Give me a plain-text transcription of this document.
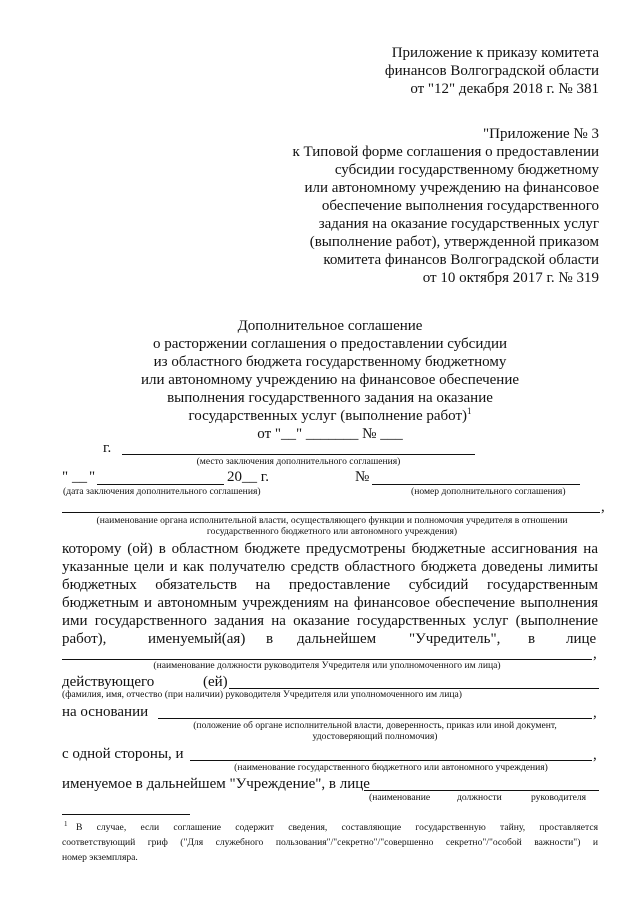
Приложение к приказу комитета
финансов Волгоградской области
от "12" декабря 2018 г. № 381
"Приложение № 3
к Типовой форме соглашения о предоставлении
субсидии государственному бюджетному
или автономному учреждению на финансовое
обеспечение выполнения государственного
задания на оказание государственных услуг
(выполнение работ), утвержденной приказом
комитета финансов Волгоградской области
от 10 октября 2017 г. № 319
Дополнительное соглашение
о расторжении соглашения о предоставлении субсидии
из областного бюджета государственному бюджетному
или автономному учреждению на финансовое обеспечение
выполнения государственного задания на оказание
государственных услуг (выполнение работ)$^1$
от "__" _______ № ___
г.
(место заключения дополнительного соглашения)
" __ "	20__ г.	№
(дата заключения дополнительного соглашения)	(номер дополнительного соглашения)
,
(наименование органа исполнительной власти, осуществляющего функции и полномочия учредителя в отношении
государственного бюджетного или автономного учреждения)
которому (ой) в областном бюджете предусмотрены бюджетные ассигнования на
указанные цели и как получателю средств областного бюджета доведены лимиты
бюджетных обязательств на предоставление субсидий государственным
бюджетным и автономным учреждениям на финансовое обеспечение выполнения
ими государственного задания на оказание государственных услуг (выполнение
работ),	именуемый(ая) в дальнейшем "Учредитель", в лице
,
(наименование должности руководителя Учредителя или уполномоченного им лица)
действующего	(ей)
(фамилия, имя, отчество (при наличии) руководителя Учредителя или уполномоченного им лица)
на основании	,
(положение об органе исполнительной власти, доверенность, приказ или иной документ,
удостоверяющий полномочия)
с одной стороны, и	,
(наименование государственного бюджетного или автономного учреждения)
именуемое в дальнейшем "Учреждение", в лице
(наименование	должности	руководителя
1 В случае, если соглашение содержит сведения, составляющие государственную тайну, проставляется
соответствующий гриф ("Для служебного пользования"/"секретно"/"совершенно секретно"/"особой важности") и
номер экземпляра.
